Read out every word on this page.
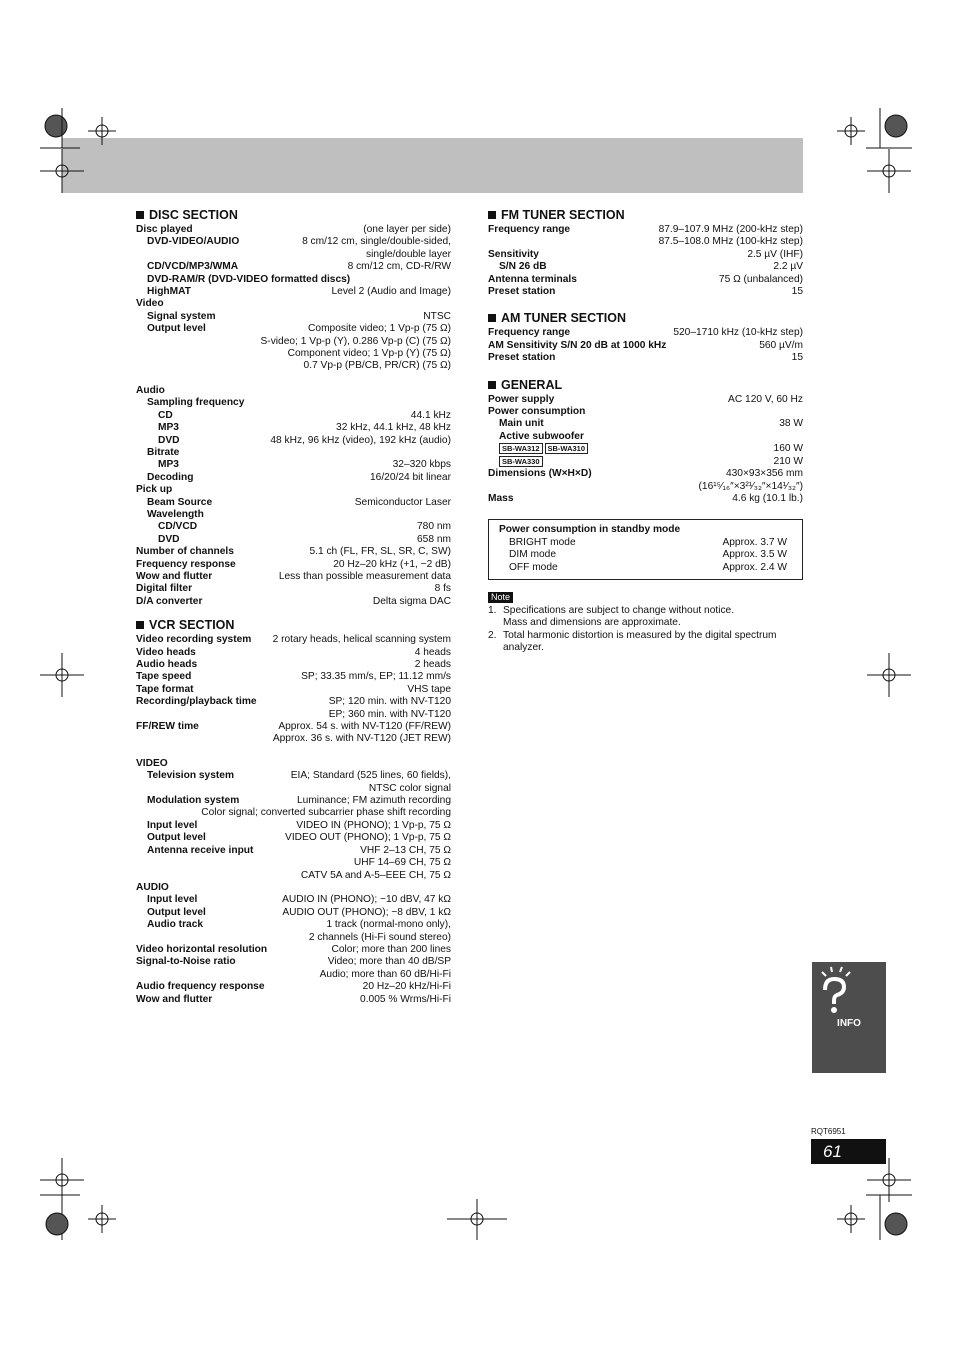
DISC SECTION
Disc played	(one layer per side)
DVD-VIDEO/AUDIO	8 cm/12 cm, single/double-sided,
single/double layer
CD/VCD/MP3/WMA	8 cm/12 cm, CD-R/RW
DVD-RAM/R (DVD-VIDEO formatted discs)
HighMAT	Level 2 (Audio and Image)
Video
Signal system	NTSC
Output level	Composite video; 1 Vp-p (75 Ω)
S-video; 1 Vp-p (Y), 0.286 Vp-p (C) (75 Ω)
Component video; 1 Vp-p (Y) (75 Ω)
0.7 Vp-p (PB/CB, PR/CR) (75 Ω)
Audio
Sampling frequency
CD	44.1 kHz
MP3	32 kHz, 44.1 kHz, 48 kHz
DVD	48 kHz, 96 kHz (video), 192 kHz (audio)
Bitrate
MP3	32–320 kbps
Decoding	16/20/24 bit linear
Pick up
Beam Source	Semiconductor Laser
Wavelength
CD/VCD	780 nm
DVD	658 nm
Number of channels	5.1 ch (FL, FR, SL, SR, C, SW)
Frequency response	20 Hz–20 kHz (+1, −2 dB)
Wow and flutter	Less than possible measurement data
Digital filter	8 fs
D/A converter	Delta sigma DAC
VCR SECTION
Video recording system 2 rotary heads, helical scanning system
Video heads	4 heads
Audio heads	2 heads
Tape speed	SP; 33.35 mm/s, EP; 11.12 mm/s
Tape format	VHS tape
Recording/playback time	SP; 120 min. with NV-T120
EP; 360 min. with NV-T120
FF/REW time	Approx. 54 s. with NV-T120 (FF/REW)
Approx. 36 s. with NV-T120 (JET REW)
VIDEO
Television system	EIA; Standard (525 lines, 60 fields),
NTSC color signal
Modulation system	Luminance; FM azimuth recording
Color signal; converted subcarrier phase shift recording
Input level	VIDEO IN (PHONO); 1 Vp-p, 75 Ω
Output level	VIDEO OUT (PHONO); 1 Vp-p, 75 Ω
Antenna receive input	VHF 2–13 CH, 75 Ω
UHF 14–69 CH, 75 Ω
CATV 5A and A-5–EEE CH, 75 Ω
AUDIO
Input level	AUDIO IN (PHONO); −10 dBV, 47 kΩ
Output level	AUDIO OUT (PHONO); −8 dBV, 1 kΩ
Audio track	1 track (normal-mono only),
2 channels (Hi-Fi sound stereo)
Video horizontal resolution	Color; more than 200 lines
Signal-to-Noise ratio	Video; more than 40 dB/SP
Audio; more than 60 dB/Hi-Fi
Audio frequency response	20 Hz–20 kHz/Hi-Fi
Wow and flutter	0.005 % Wrms/Hi-Fi
FM TUNER SECTION
Frequency range	87.9–107.9 MHz (200-kHz step)
87.5–108.0 MHz (100-kHz step)
Sensitivity	2.5 µV (IHF)
S/N 26 dB	2.2 µV
Antenna terminals	75 Ω (unbalanced)
Preset station	15
AM TUNER SECTION
Frequency range	520–1710 kHz (10-kHz step)
AM Sensitivity S/N 20 dB at 1000 kHz	560 µV/m
Preset station	15
GENERAL
Power supply	AC 120 V, 60 Hz
Power consumption
Main unit	38 W
Active subwoofer
SB-WA312 SB-WA310	160 W
SB-WA330	210 W
Dimensions (W×H×D)	430×93×356 mm
(16¹⁵⁄₁₆″×3²¹⁄₃₂″×14¹⁄₃₂″)
Mass	4.6 kg (10.1 lb.)
Power consumption in standby mode
BRIGHT mode	Approx. 3.7 W
DIM mode	Approx. 3.5 W
OFF mode	Approx. 2.4 W
Note
1. Specifications are subject to change without notice.
Mass and dimensions are approximate.
2. Total harmonic distortion is measured by the digital spectrum
analyzer.
INFO
RQT6951
61
